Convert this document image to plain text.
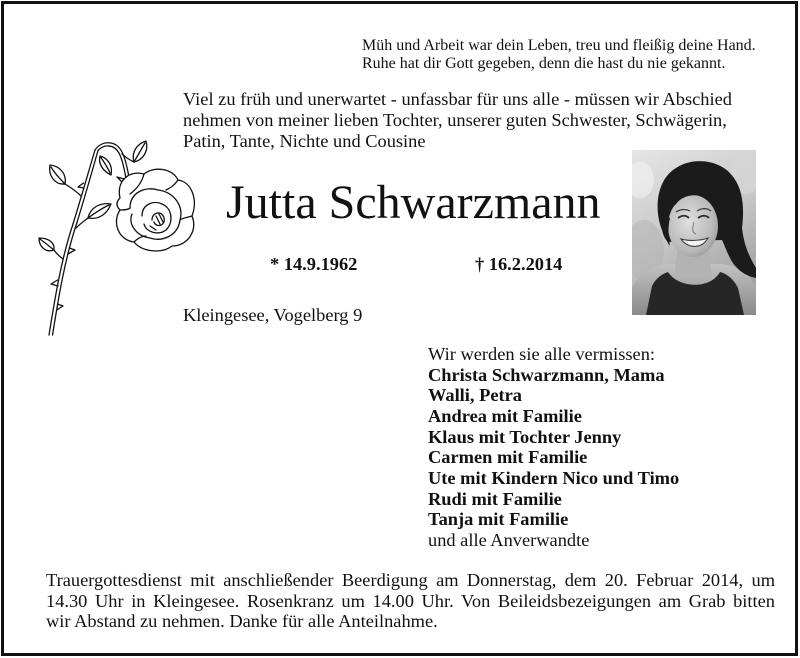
Müh und Arbeit war dein Leben, treu und fleißig deine Hand.
Ruhe hat dir Gott gegeben, denn die hast du nie gekannt.
Viel zu früh und unerwartet - unfassbar für uns alle - müssen wir Abschied
nehmen von meiner lieben Tochter, unserer guten Schwester, Schwägerin,
Patin, Tante, Nichte und Cousine
Jutta Schwarzmann
* 14.9.1962	† 16.2.2014
Kleingesee, Vogelberg 9
Wir werden sie alle vermissen:
Christa Schwarzmann, Mama
Walli, Petra
Andrea mit Familie
Klaus mit Tochter Jenny
Carmen mit Familie
Ute mit Kindern Nico und Timo
Rudi mit Familie
Tanja mit Familie
und alle Anverwandte
Trauergottesdienst mit anschließender Beerdigung am Donnerstag, dem 20. Februar 2014, um
14.30 Uhr in Kleingesee. Rosenkranz um 14.00 Uhr. Von Beileidsbezeigungen am Grab bitten
wir Abstand zu nehmen. Danke für alle Anteilnahme.
